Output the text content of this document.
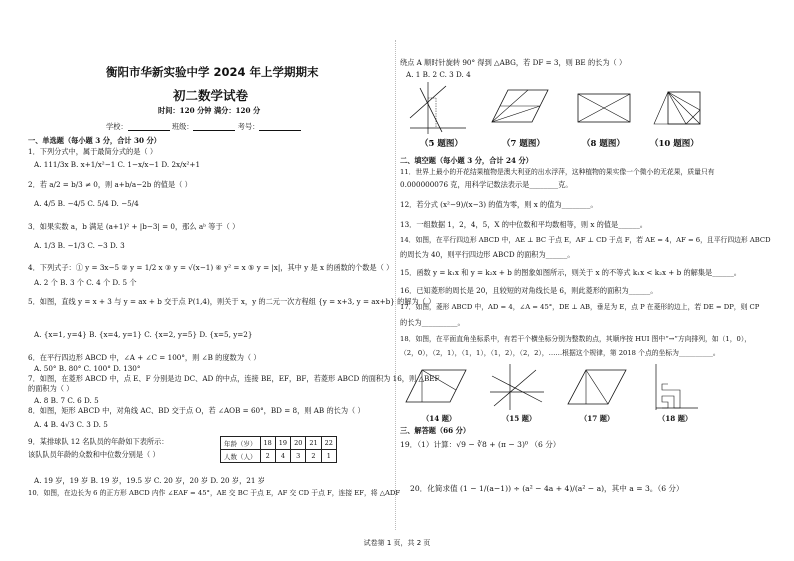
衡阳市华新实验中学 2024 年上学期期末
初二数学试卷
时间：120 分钟 满分：120 分
学校：	班级：	考号：
一、单选题（每小题 3 分，合计 30 分）
1．下列分式中，属于最简分式的是（ ）
A. 111/3x B. x+1/x²−1 C. 1−x/x−1 D. 2x/x²+1
2．若 a/2 = b/3 ≠ 0，则 a+b/a−2b 的值是（ ）
A. 4/5 B. −4/5 C. 5/4 D. −5/4
3．如果实数 a，b 满足 (a+1)² + |b−3| = 0，那么 aᵇ 等于（ ）
A. 1/3 B. −1/3 C. −3 D. 3
4．下列式子：① y = 3x−5 ② y = 1/2 x ③ y = √(x−1) ④ y² = x ⑤ y = |x|，其中 y 是 x 的函数的个数是（ ）
A. 2 个 B. 3 个 C. 4 个 D. 5 个
5．如图，直线 y = x + 3 与 y = ax + b 交于点 P(1,4)，则关于 x，y 的二元一次方程组 {y = x+3, y = ax+b} 的解为（ ）
A. {x=1, y=4} B. {x=4, y=1} C. {x=2, y=5} D. {x=5, y=2}
6．在平行四边形 ABCD 中，∠A + ∠C = 100°，则 ∠B 的度数为（ ）
A. 50° B. 80° C. 100° D. 130°
7．如图，在菱形 ABCD 中，点 E、F 分别是边 DC、AD 的中点，连接 BE，EF，BF，若菱形 ABCD 的面积为 16，则 △BEF
的面积为（ ）
A. 8 B. 7 C. 6 D. 5
8．如图，矩形 ABCD 中，对角线 AC、BD 交于点 O，若 ∠AOB = 60°，BD = 8，则 AB 的长为（ ）
A. 4 B. 4√3 C. 3 D. 5
9．某排球队 12 名队员的年龄如下表所示：
该队队员年龄的众数和中位数分别是（ ）
年龄（岁）	18	19	20	21	22
人数（人）	2	4	3	2	1
A. 19 岁，19 岁 B. 19 岁，19.5 岁 C. 20 岁，20 岁 D. 20 岁，21 岁
10．如图，在边长为 6 的正方形 ABCD 内作 ∠EAF = 45°，AE 交 BC 于点 E，AF 交 CD 于点 F，连接 EF，将 △ADF
绕点 A 顺时针旋转 90° 得到 △ABG，若 DF = 3，则 BE 的长为（ ）
A. 1 B. 2 C. 3 D. 4
（5 题图）	（7 题图）	（8 题图）	（10 题图）
二、填空题（每小题 3 分，合计 24 分）
11．世界上最小的开花结果植物是澳大利亚的出水浮萍，这种植物的果实像一个微小的无花果，质量只有
0.000000076 克，用科学记数法表示是________克。
12．若分式 (x²−9)/(x−3) 的值为零，则 x 的值为________。
13．一组数据 1，2，4，5，X 的中位数和平均数相等，则 x 的值是______。
14．如图，在平行四边形 ABCD 中，AE ⊥ BC 于点 E，AF ⊥ CD 于点 F，若 AE = 4，AF = 6，且平行四边形 ABCD
的周长为 40，则平行四边形 ABCD 的面积为______。
15．函数 y = k₁x 和 y = k₂x + b 的图象如图所示，则关于 x 的不等式 k₁x < k₂x + b 的解集是______。
16．已知菱形的周长是 20，且较短的对角线长是 6，则此菱形的面积为______。
17．如图，菱形 ABCD 中，AD = 4，∠A = 45°，DE ⊥ AB，垂足为 E，点 P 在菱形的边上，若 DE = DP，则 CP
的长为__________。
18．如图，在平面直角坐标系中，有若干个横坐标分别为整数的点，其顺序按 HUI 图中“→”方向排列，如（1，0），
（2，0），（2，1），（1，1），（1，2），（2，2），……根据这个规律，第 2018 个点的坐标为__________。
（14 题）	（15 题）	（17 题）	（18 题）
三、解答题（66 分）
19．（1）计算：√9 − ∛8 + (π − 3)⁰ （6 分）
20．化简求值 (1 − 1/(a−1)) ÷ (a² − 4a + 4)/(a² − a)，其中 a = 3。（6 分）
试卷第 1 页，共 2 页
